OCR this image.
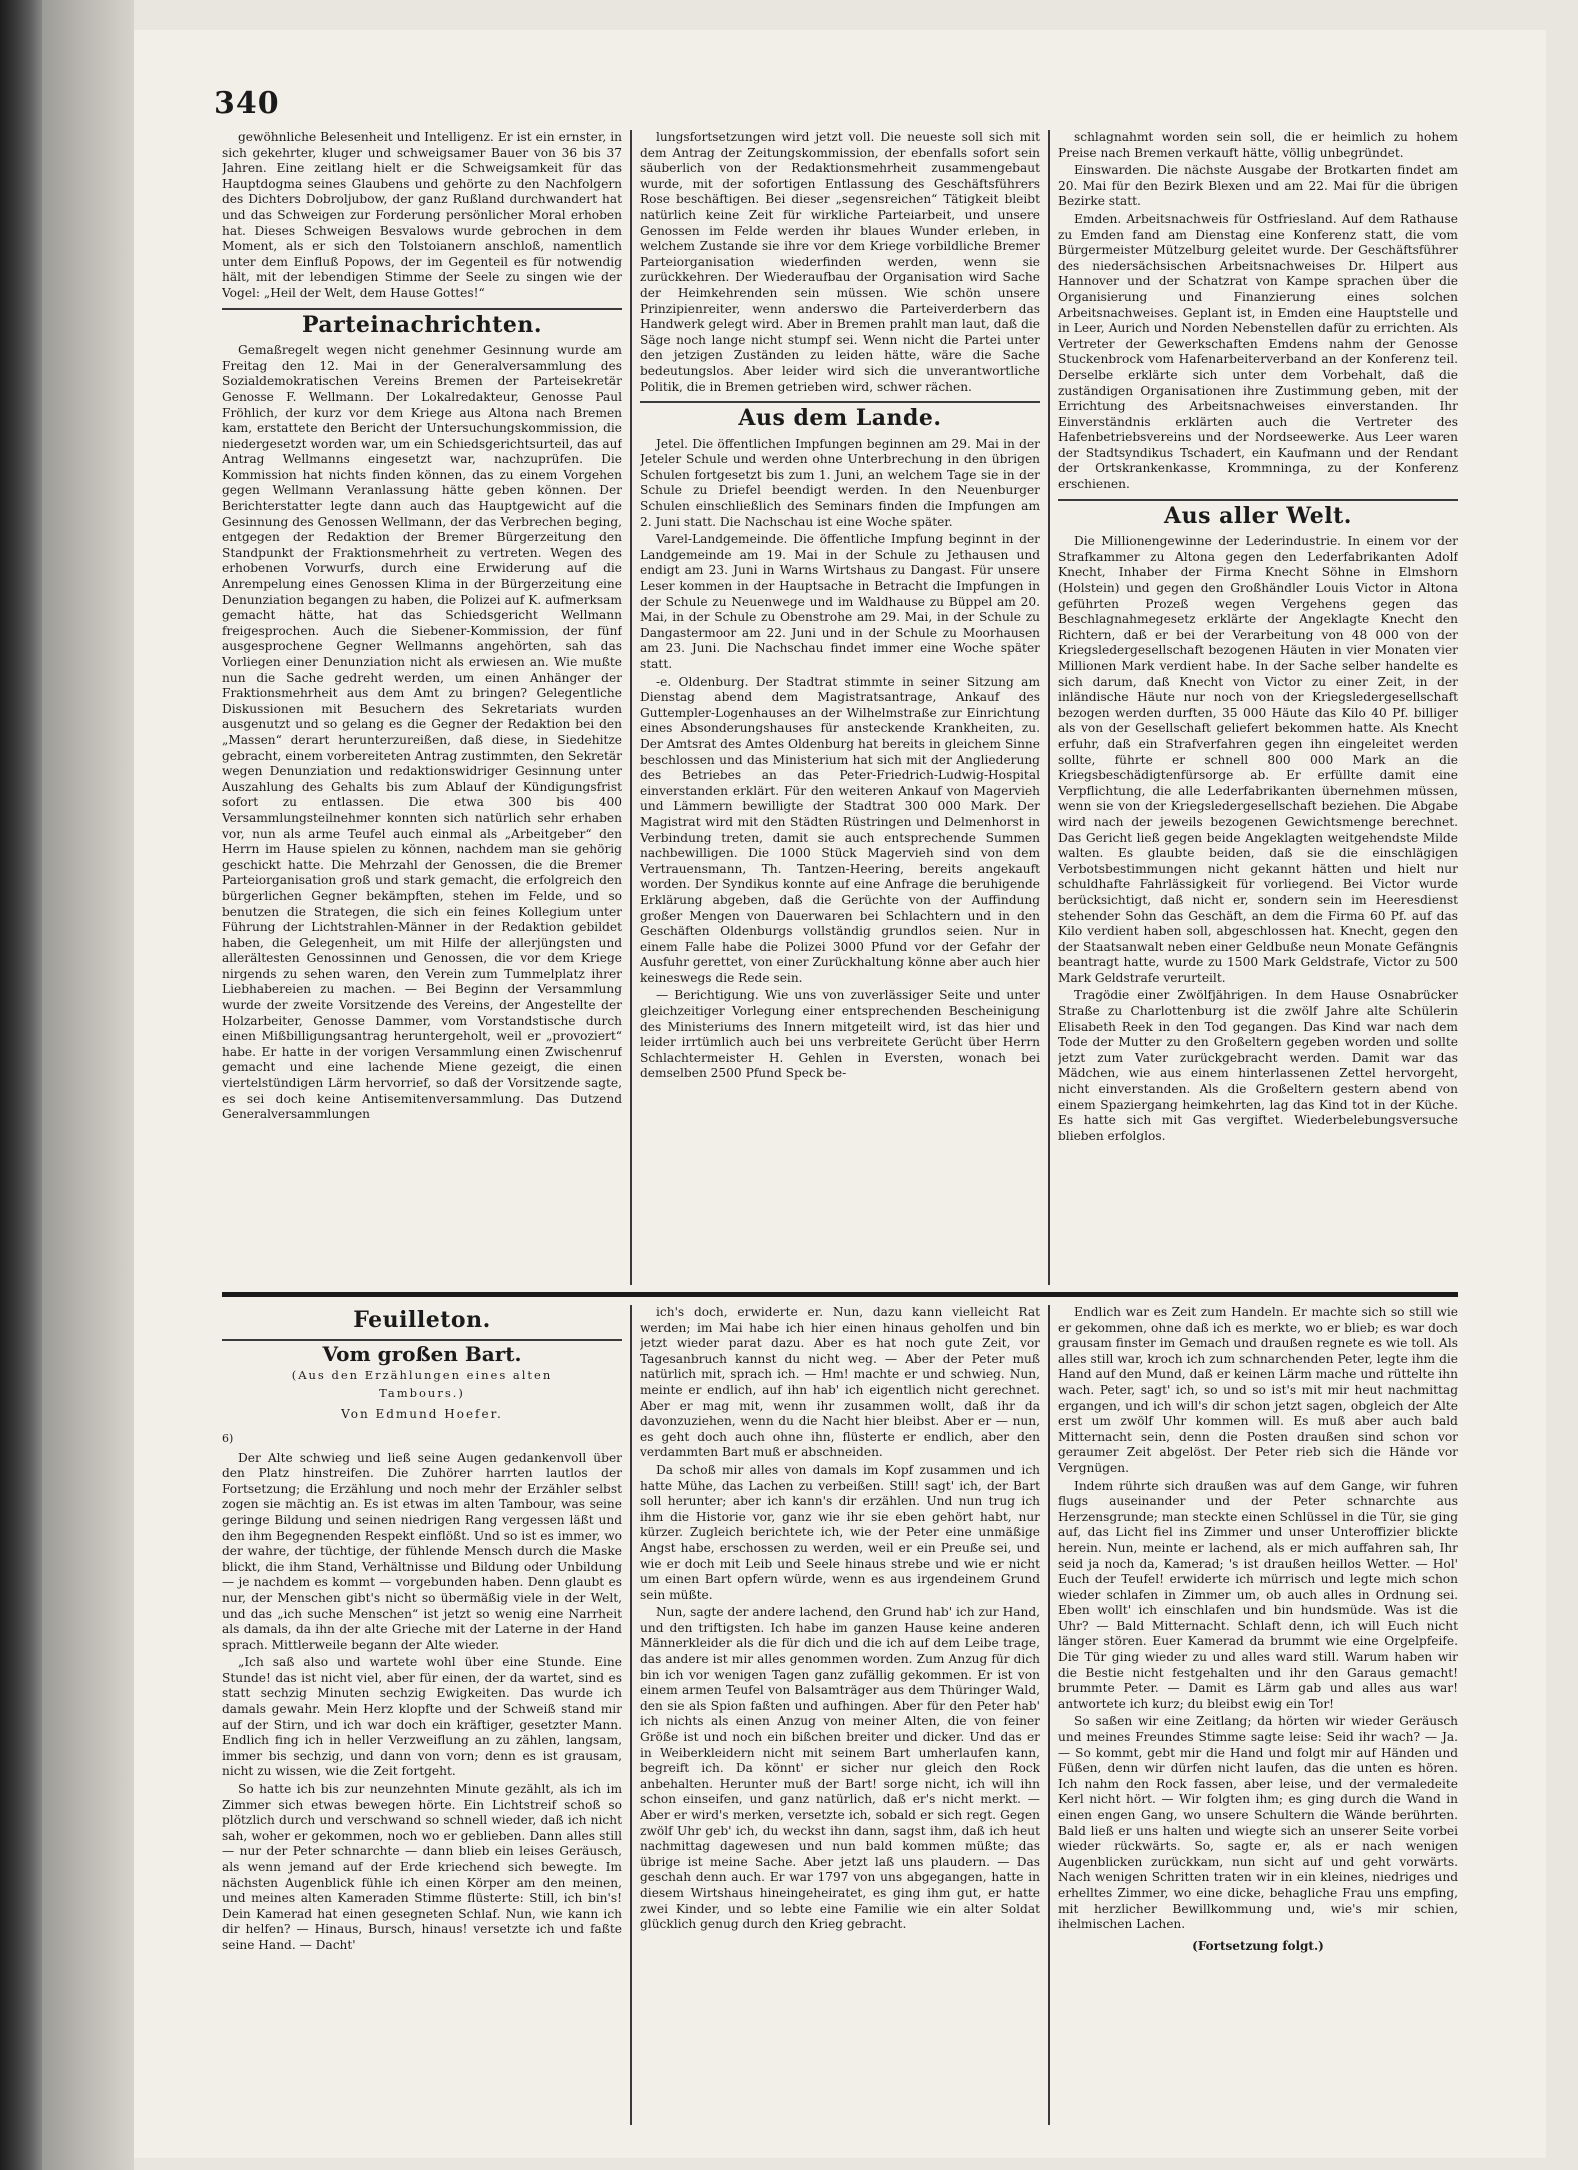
340

gewöhnliche Belesenheit und Intelligenz. Er ist ein ernster, in sich gekehrter, kluger und schweigsamer Bauer von 36 bis 37 Jahren. Eine zeitlang hielt er die Schweigsamkeit für das Hauptdogma seines Glaubens und gehörte zu den Nachfolgern des Dichters Dobroljubow, der ganz Rußland durchwandert hat und das Schweigen zur Forderung persönlicher Moral erhoben hat. Dieses Schweigen Besvalows wurde gebrochen in dem Moment, als er sich den Tolstoianern anschloß, namentlich unter dem Einfluß Popows, der im Gegenteil es für notwendig hält, mit der lebendigen Stimme der Seele zu singen wie der Vogel: „Heil der Welt, dem Hause Gottes!“

Parteinachrichten.

Gemaßregelt wegen nicht genehmer Gesinnung wurde am Freitag den 12. Mai in der Generalversammlung des Sozialdemokratischen Vereins Bremen der Parteisekretär Genosse F. Wellmann. Der Lokalredakteur, Genosse Paul Fröhlich, der kurz vor dem Kriege aus Altona nach Bremen kam, erstattete den Bericht der Untersuchungskommission, die niedergesetzt worden war, um ein Schiedsgerichtsurteil, das auf Antrag Wellmanns eingesetzt war, nachzuprüfen. Die Kommission hat nichts finden können, das zu einem Vorgehen gegen Wellmann Veranlassung hätte geben können. Der Berichterstatter legte dann auch das Hauptgewicht auf die Gesinnung des Genossen Wellmann, der das Verbrechen beging, entgegen der Redaktion der Bremer Bürgerzeitung den Standpunkt der Fraktionsmehrheit zu vertreten. Wegen des erhobenen Vorwurfs, durch eine Erwiderung auf die Anrempelung eines Genossen Klima in der Bürgerzeitung eine Denunziation begangen zu haben, die Polizei auf K. aufmerksam gemacht hätte, hat das Schiedsgericht Wellmann freigesprochen. Auch die Siebener-Kommission, der fünf ausgesprochene Gegner Wellmanns angehörten, sah das Vorliegen einer Denunziation nicht als erwiesen an. Wie mußte nun die Sache gedreht werden, um einen Anhänger der Fraktionsmehrheit aus dem Amt zu bringen? Gelegentliche Diskussionen mit Besuchern des Sekretariats wurden ausgenutzt und so gelang es die Gegner der Redaktion bei den „Massen“ derart herunterzureißen, daß diese, in Siedehitze gebracht, einem vorbereiteten Antrag zustimmten, den Sekretär wegen Denunziation und redaktionswidriger Gesinnung unter Auszahlung des Gehalts bis zum Ablauf der Kündigungsfrist sofort zu entlassen. Die etwa 300 bis 400 Versammlungsteilnehmer konnten sich natürlich sehr erhaben vor, nun als arme Teufel auch einmal als „Arbeitgeber“ den Herrn im Hause spielen zu können, nachdem man sie gehörig geschickt hatte. Die Mehrzahl der Genossen, die die Bremer Parteiorganisation groß und stark gemacht, die erfolgreich den bürgerlichen Gegner bekämpften, stehen im Felde, und so benutzen die Strategen, die sich ein feines Kollegium unter Führung der Lichtstrahlen-Männer in der Redaktion gebildet haben, die Gelegenheit, um mit Hilfe der allerjüngsten und allerältesten Genossinnen und Genossen, die vor dem Kriege nirgends zu sehen waren, den Verein zum Tummelplatz ihrer Liebhabereien zu machen. — Bei Beginn der Versammlung wurde der zweite Vorsitzende des Vereins, der Angestellte der Holzarbeiter, Genosse Dammer, vom Vorstandstische durch einen Mißbilligungsantrag heruntergeholt, weil er „provoziert“ habe. Er hatte in der vorigen Versammlung einen Zwischenruf gemacht und eine lachende Miene gezeigt, die einen viertelstündigen Lärm hervorrief, so daß der Vorsitzende sagte, es sei doch keine Antisemitenversammlung. Das Dutzend Generalversammlungen

lungsfortsetzungen wird jetzt voll. Die neueste soll sich mit dem Antrag der Zeitungskommission, der ebenfalls sofort sein säuberlich von der Redaktionsmehrheit zusammengebaut wurde, mit der sofortigen Entlassung des Geschäftsführers Rose beschäftigen. Bei dieser „segensreichen“ Tätigkeit bleibt natürlich keine Zeit für wirkliche Parteiarbeit, und unsere Genossen im Felde werden ihr blaues Wunder erleben, in welchem Zustande sie ihre vor dem Kriege vorbildliche Bremer Parteiorganisation wiederfinden werden, wenn sie zurückkehren. Der Wiederaufbau der Organisation wird Sache der Heimkehrenden sein müssen. Wie schön unsere Prinzipienreiter, wenn anderswo die Parteiverderbern das Handwerk gelegt wird. Aber in Bremen prahlt man laut, daß die Säge noch lange nicht stumpf sei. Wenn nicht die Partei unter den jetzigen Zuständen zu leiden hätte, wäre die Sache bedeutungslos. Aber leider wird sich die unverantwortliche Politik, die in Bremen getrieben wird, schwer rächen.

Aus dem Lande.

Jetel. Die öffentlichen Impfungen beginnen am 29. Mai in der Jeteler Schule und werden ohne Unterbrechung in den übrigen Schulen fortgesetzt bis zum 1. Juni, an welchem Tage sie in der Schule zu Driefel beendigt werden. In den Neuenburger Schulen einschließlich des Seminars finden die Impfungen am 2. Juni statt. Die Nachschau ist eine Woche später.

Varel-Landgemeinde. Die öffentliche Impfung beginnt in der Landgemeinde am 19. Mai in der Schule zu Jethausen und endigt am 23. Juni in Warns Wirtshaus zu Dangast. Für unsere Leser kommen in der Hauptsache in Betracht die Impfungen in der Schule zu Neuenwege und im Waldhause zu Büppel am 20. Mai, in der Schule zu Obenstrohe am 29. Mai, in der Schule zu Dangastermoor am 22. Juni und in der Schule zu Moorhausen am 23. Juni. Die Nachschau findet immer eine Woche später statt.

-e. Oldenburg. Der Stadtrat stimmte in seiner Sitzung am Dienstag abend dem Magistratsantrage, Ankauf des Guttempler-Logenhauses an der Wilhelmstraße zur Einrichtung eines Absonderungshauses für ansteckende Krankheiten, zu. Der Amtsrat des Amtes Oldenburg hat bereits in gleichem Sinne beschlossen und das Ministerium hat sich mit der Angliederung des Betriebes an das Peter-Friedrich-Ludwig-Hospital einverstanden erklärt. Für den weiteren Ankauf von Magervieh und Lämmern bewilligte der Stadtrat 300 000 Mark. Der Magistrat wird mit den Städten Rüstringen und Delmenhorst in Verbindung treten, damit sie auch entsprechende Summen nachbewilligen. Die 1000 Stück Magervieh sind von dem Vertrauensmann, Th. Tantzen-Heering, bereits angekauft worden. Der Syndikus konnte auf eine Anfrage die beruhigende Erklärung abgeben, daß die Gerüchte von der Auffindung großer Mengen von Dauerwaren bei Schlachtern und in den Geschäften Oldenburgs vollständig grundlos seien. Nur in einem Falle habe die Polizei 3000 Pfund vor der Gefahr der Ausfuhr gerettet, von einer Zurückhaltung könne aber auch hier keineswegs die Rede sein.

— Berichtigung. Wie uns von zuverlässiger Seite und unter gleichzeitiger Vorlegung einer entsprechenden Bescheinigung des Ministeriums des Innern mitgeteilt wird, ist das hier und leider irrtümlich auch bei uns verbreitete Gerücht über Herrn Schlachtermeister H. Gehlen in Eversten, wonach bei demselben 2500 Pfund Speck be-

schlagnahmt worden sein soll, die er heimlich zu hohem Preise nach Bremen verkauft hätte, völlig unbegründet.

Einswarden. Die nächste Ausgabe der Brotkarten findet am 20. Mai für den Bezirk Blexen und am 22. Mai für die übrigen Bezirke statt.

Emden. Arbeitsnachweis für Ostfriesland. Auf dem Rathause zu Emden fand am Dienstag eine Konferenz statt, die vom Bürgermeister Mützelburg geleitet wurde. Der Geschäftsführer des niedersächsischen Arbeitsnachweises Dr. Hilpert aus Hannover und der Schatzrat von Kampe sprachen über die Organisierung und Finanzierung eines solchen Arbeitsnachweises. Geplant ist, in Emden eine Hauptstelle und in Leer, Aurich und Norden Nebenstellen dafür zu errichten. Als Vertreter der Gewerkschaften Emdens nahm der Genosse Stuckenbrock vom Hafenarbeiterverband an der Konferenz teil. Derselbe erklärte sich unter dem Vorbehalt, daß die zuständigen Organisationen ihre Zustimmung geben, mit der Errichtung des Arbeitsnachweises einverstanden. Ihr Einverständnis erklärten auch die Vertreter des Hafenbetriebsvereins und der Nordseewerke. Aus Leer waren der Stadtsyndikus Tschadert, ein Kaufmann und der Rendant der Ortskrankenkasse, Krommninga, zu der Konferenz erschienen.

Aus aller Welt.

Die Millionengewinne der Lederindustrie. In einem vor der Strafkammer zu Altona gegen den Lederfabrikanten Adolf Knecht, Inhaber der Firma Knecht Söhne in Elmshorn (Holstein) und gegen den Großhändler Louis Victor in Altona geführten Prozeß wegen Vergehens gegen das Beschlagnahmegesetz erklärte der Angeklagte Knecht den Richtern, daß er bei der Verarbeitung von 48 000 von der Kriegsledergesellschaft bezogenen Häuten in vier Monaten vier Millionen Mark verdient habe. In der Sache selber handelte es sich darum, daß Knecht von Victor zu einer Zeit, in der inländische Häute nur noch von der Kriegsledergesellschaft bezogen werden durften, 35 000 Häute das Kilo 40 Pf. billiger als von der Gesellschaft geliefert bekommen hatte. Als Knecht erfuhr, daß ein Strafverfahren gegen ihn eingeleitet werden sollte, führte er schnell 800 000 Mark an die Kriegsbeschädigtenfürsorge ab. Er erfüllte damit eine Verpflichtung, die alle Lederfabrikanten übernehmen müssen, wenn sie von der Kriegsledergesellschaft beziehen. Die Abgabe wird nach der jeweils bezogenen Gewichtsmenge berechnet. Das Gericht ließ gegen beide Angeklagten weitgehendste Milde walten. Es glaubte beiden, daß sie die einschlägigen Verbotsbestimmungen nicht gekannt hätten und hielt nur schuldhafte Fahrlässigkeit für vorliegend. Bei Victor wurde berücksichtigt, daß nicht er, sondern sein im Heeresdienst stehender Sohn das Geschäft, an dem die Firma 60 Pf. auf das Kilo verdient haben soll, abgeschlossen hat. Knecht, gegen den der Staatsanwalt neben einer Geldbuße neun Monate Gefängnis beantragt hatte, wurde zu 1500 Mark Geldstrafe, Victor zu 500 Mark Geldstrafe verurteilt.

Tragödie einer Zwölfjährigen. In dem Hause Osnabrücker Straße zu Charlottenburg ist die zwölf Jahre alte Schülerin Elisabeth Reek in den Tod gegangen. Das Kind war nach dem Tode der Mutter zu den Großeltern gegeben worden und sollte jetzt zum Vater zurückgebracht werden. Damit war das Mädchen, wie aus einem hinterlassenen Zettel hervorgeht, nicht einverstanden. Als die Großeltern gestern abend von einem Spaziergang heimkehrten, lag das Kind tot in der Küche. Es hatte sich mit Gas vergiftet. Wiederbelebungsversuche blieben erfolglos.

Feuilleton.
Vom großen Bart.
(Aus den Erzählungen eines alten
Tambours.)
Von Edmund Hoefer.
6)

Der Alte schwieg und ließ seine Augen gedankenvoll über den Platz hinstreifen. Die Zuhörer harrten lautlos der Fortsetzung; die Erzählung und noch mehr der Erzähler selbst zogen sie mächtig an. Es ist etwas im alten Tambour, was seine geringe Bildung und seinen niedrigen Rang vergessen läßt und den ihm Begegnenden Respekt einflößt. Und so ist es immer, wo der wahre, der tüchtige, der fühlende Mensch durch die Maske blickt, die ihm Stand, Verhältnisse und Bildung oder Unbildung — je nachdem es kommt — vorgebunden haben. Denn glaubt es nur, der Menschen gibt's nicht so übermäßig viele in der Welt, und das „ich suche Menschen“ ist jetzt so wenig eine Narrheit als damals, da ihn der alte Grieche mit der Laterne in der Hand sprach. Mittlerweile begann der Alte wieder.

„Ich saß also und wartete wohl über eine Stunde. Eine Stunde! das ist nicht viel, aber für einen, der da wartet, sind es statt sechzig Minuten sechzig Ewigkeiten. Das wurde ich damals gewahr. Mein Herz klopfte und der Schweiß stand mir auf der Stirn, und ich war doch ein kräftiger, gesetzter Mann. Endlich fing ich in heller Verzweiflung an zu zählen, langsam, immer bis sechzig, und dann von vorn; denn es ist grausam, nicht zu wissen, wie die Zeit fortgeht.

So hatte ich bis zur neunzehnten Minute gezählt, als ich im Zimmer sich etwas bewegen hörte. Ein Lichtstreif schoß so plötzlich durch und verschwand so schnell wieder, daß ich nicht sah, woher er gekommen, noch wo er geblieben. Dann alles still — nur der Peter schnarchte — dann blieb ein leises Geräusch, als wenn jemand auf der Erde kriechend sich bewegte. Im nächsten Augenblick fühle ich einen Körper am den meinen, und meines alten Kameraden Stimme flüsterte: Still, ich bin's! Dein Kamerad hat einen gesegneten Schlaf. Nun, wie kann ich dir helfen? — Hinaus, Bursch, hinaus! versetzte ich und faßte seine Hand. — Dacht'

ich's doch, erwiderte er. Nun, dazu kann vielleicht Rat werden; im Mai habe ich hier einen hinaus geholfen und bin jetzt wieder parat dazu. Aber es hat noch gute Zeit, vor Tagesanbruch kannst du nicht weg. — Aber der Peter muß natürlich mit, sprach ich. — Hm! machte er und schwieg. Nun, meinte er endlich, auf ihn hab' ich eigentlich nicht gerechnet. Aber er mag mit, wenn ihr zusammen wollt, daß ihr da davonzuziehen, wenn du die Nacht hier bleibst. Aber er — nun, es geht doch auch ohne ihn, flüsterte er endlich, aber den verdammten Bart muß er abschneiden.

Da schoß mir alles von damals im Kopf zusammen und ich hatte Mühe, das Lachen zu verbeißen. Still! sagt' ich, der Bart soll herunter; aber ich kann's dir erzählen. Und nun trug ich ihm die Historie vor, ganz wie ihr sie eben gehört habt, nur kürzer. Zugleich berichtete ich, wie der Peter eine unmäßige Angst habe, erschossen zu werden, weil er ein Preuße sei, und wie er doch mit Leib und Seele hinaus strebe und wie er nicht um einen Bart opfern würde, wenn es aus irgendeinem Grund sein müßte.

Nun, sagte der andere lachend, den Grund hab' ich zur Hand, und den triftigsten. Ich habe im ganzen Hause keine anderen Männerkleider als die für dich und die ich auf dem Leibe trage, das andere ist mir alles genommen worden. Zum Anzug für dich bin ich vor wenigen Tagen ganz zufällig gekommen. Er ist von einem armen Teufel von Balsamträger aus dem Thüringer Wald, den sie als Spion faßten und aufhingen. Aber für den Peter hab' ich nichts als einen Anzug von meiner Alten, die von feiner Größe ist und noch ein bißchen breiter und dicker. Und das er in Weiberkleidern nicht mit seinem Bart umherlaufen kann, begreift ich. Da könnt' er sicher nur gleich den Rock anbehalten. Herunter muß der Bart! sorge nicht, ich will ihn schon einseifen, und ganz natürlich, daß er's nicht merkt. — Aber er wird's merken, versetzte ich, sobald er sich regt. Gegen zwölf Uhr geb' ich, du weckst ihn dann, sagst ihm, daß ich heut nachmittag dagewesen und nun bald kommen müßte; das übrige ist meine Sache. Aber jetzt laß uns plaudern. — Das geschah denn auch. Er war 1797 von uns abgegangen, hatte in diesem Wirtshaus hineingeheiratet, es ging ihm gut, er hatte zwei Kinder, und so lebte eine Familie wie ein alter Soldat glücklich genug durch den Krieg gebracht.

Endlich war es Zeit zum Handeln. Er machte sich so still wie er gekommen, ohne daß ich es merkte, wo er blieb; es war doch grausam finster im Gemach und draußen regnete es wie toll. Als alles still war, kroch ich zum schnarchenden Peter, legte ihm die Hand auf den Mund, daß er keinen Lärm mache und rüttelte ihn wach. Peter, sagt' ich, so und so ist's mit mir heut nachmittag ergangen, und ich will's dir schon jetzt sagen, obgleich der Alte erst um zwölf Uhr kommen will. Es muß aber auch bald Mitternacht sein, denn die Posten draußen sind schon vor geraumer Zeit abgelöst. Der Peter rieb sich die Hände vor Vergnügen.

Indem rührte sich draußen was auf dem Gange, wir fuhren flugs auseinander und der Peter schnarchte aus Herzensgrunde; man steckte einen Schlüssel in die Tür, sie ging auf, das Licht fiel ins Zimmer und unser Unteroffizier blickte herein. Nun, meinte er lachend, als er mich auffahren sah, Ihr seid ja noch da, Kamerad; 's ist draußen heillos Wetter. — Hol' Euch der Teufel! erwiderte ich mürrisch und legte mich schon wieder schlafen in Zimmer um, ob auch alles in Ordnung sei. Eben wollt' ich einschlafen und bin hundsmüde. Was ist die Uhr? — Bald Mitternacht. Schlaft denn, ich will Euch nicht länger stören. Euer Kamerad da brummt wie eine Orgelpfeife. Die Tür ging wieder zu und alles ward still. Warum haben wir die Bestie nicht festgehalten und ihr den Garaus gemacht! brummte Peter. — Damit es Lärm gab und alles aus war! antwortete ich kurz; du bleibst ewig ein Tor!

So saßen wir eine Zeitlang; da hörten wir wieder Geräusch und meines Freundes Stimme sagte leise: Seid ihr wach? — Ja. — So kommt, gebt mir die Hand und folgt mir auf Händen und Füßen, denn wir dürfen nicht laufen, das die unten es hören. Ich nahm den Rock fassen, aber leise, und der vermaledeite Kerl nicht hört. — Wir folgten ihm; es ging durch die Wand in einen engen Gang, wo unsere Schultern die Wände berührten. Bald ließ er uns halten und wiegte sich an unserer Seite vorbei wieder rückwärts. So, sagte er, als er nach wenigen Augenblicken zurückkam, nun sicht auf und geht vorwärts. Nach wenigen Schritten traten wir in ein kleines, niedriges und erhelltes Zimmer, wo eine dicke, behagliche Frau uns empfing, mit herzlicher Bewillkommung und, wie's mir schien, ihelmischen Lachen.

(Fortsetzung folgt.)
